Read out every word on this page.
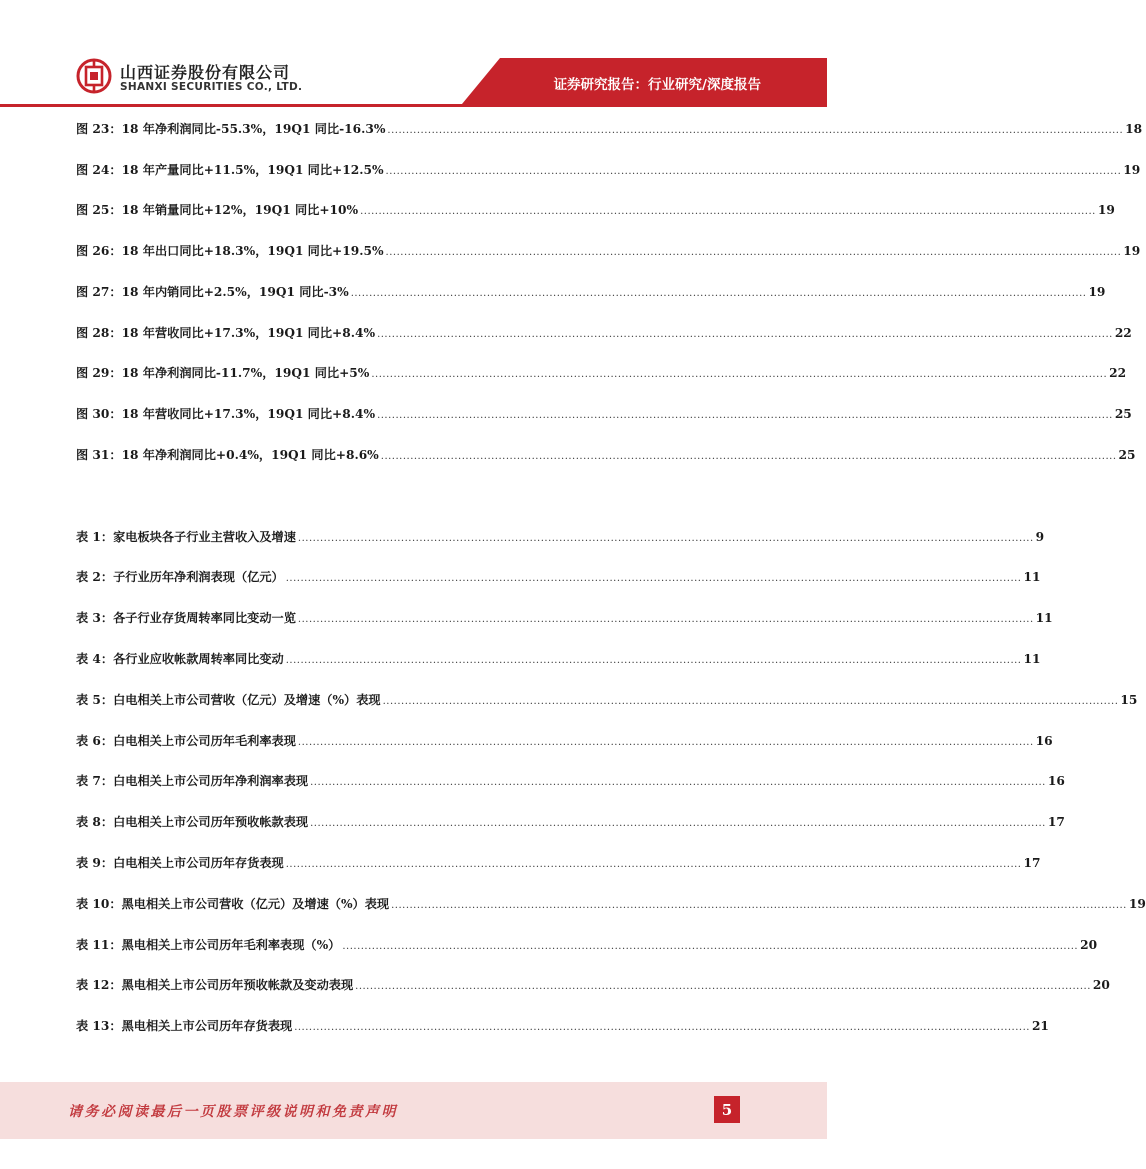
山西证券股份有限公司
SHANXI SECURITIES CO., LTD.	证券研究报告：行业研究/深度报告
图 23：18 年净利润同比-55.3%，19Q1 同比-16.3% ........................................................................................................................................................................................................ 18
图 24：18 年产量同比+11.5%，19Q1 同比+12.5% ........................................................................................................................................................................................................ 19
图 25：18 年销量同比+12%，19Q1 同比+10% ........................................................................................................................................................................................................ 19
图 26：18 年出口同比+18.3%，19Q1 同比+19.5% ........................................................................................................................................................................................................ 19
图 27：18 年内销同比+2.5%，19Q1 同比-3% ........................................................................................................................................................................................................ 19
图 28：18 年营收同比+17.3%，19Q1 同比+8.4% ........................................................................................................................................................................................................ 22
图 29：18 年净利润同比-11.7%，19Q1 同比+5% ........................................................................................................................................................................................................ 22
图 30：18 年营收同比+17.3%，19Q1 同比+8.4% ........................................................................................................................................................................................................ 25
图 31：18 年净利润同比+0.4%，19Q1 同比+8.6% ........................................................................................................................................................................................................ 25
表 1：家电板块各子行业主营收入及增速 ........................................................................................................................................................................................................ 9
表 2：子行业历年净利润表现（亿元） ........................................................................................................................................................................................................ 11
表 3：各子行业存货周转率同比变动一览 ........................................................................................................................................................................................................ 11
表 4：各行业应收帐款周转率同比变动 ........................................................................................................................................................................................................ 11
表 5：白电相关上市公司营收（亿元）及增速（%）表现 ........................................................................................................................................................................................................ 15
表 6：白电相关上市公司历年毛利率表现 ........................................................................................................................................................................................................ 16
表 7：白电相关上市公司历年净利润率表现 ........................................................................................................................................................................................................ 16
表 8：白电相关上市公司历年预收帐款表现 ........................................................................................................................................................................................................ 17
表 9：白电相关上市公司历年存货表现 ........................................................................................................................................................................................................ 17
表 10：黑电相关上市公司营收（亿元）及增速（%）表现 ........................................................................................................................................................................................................ 19
表 11：黑电相关上市公司历年毛利率表现（%） ........................................................................................................................................................................................................ 20
表 12：黑电相关上市公司历年预收帐款及变动表现 ........................................................................................................................................................................................................ 20
表 13：黑电相关上市公司历年存货表现 ........................................................................................................................................................................................................ 21
请务必阅读最后一页股票评级说明和免责声明	5
